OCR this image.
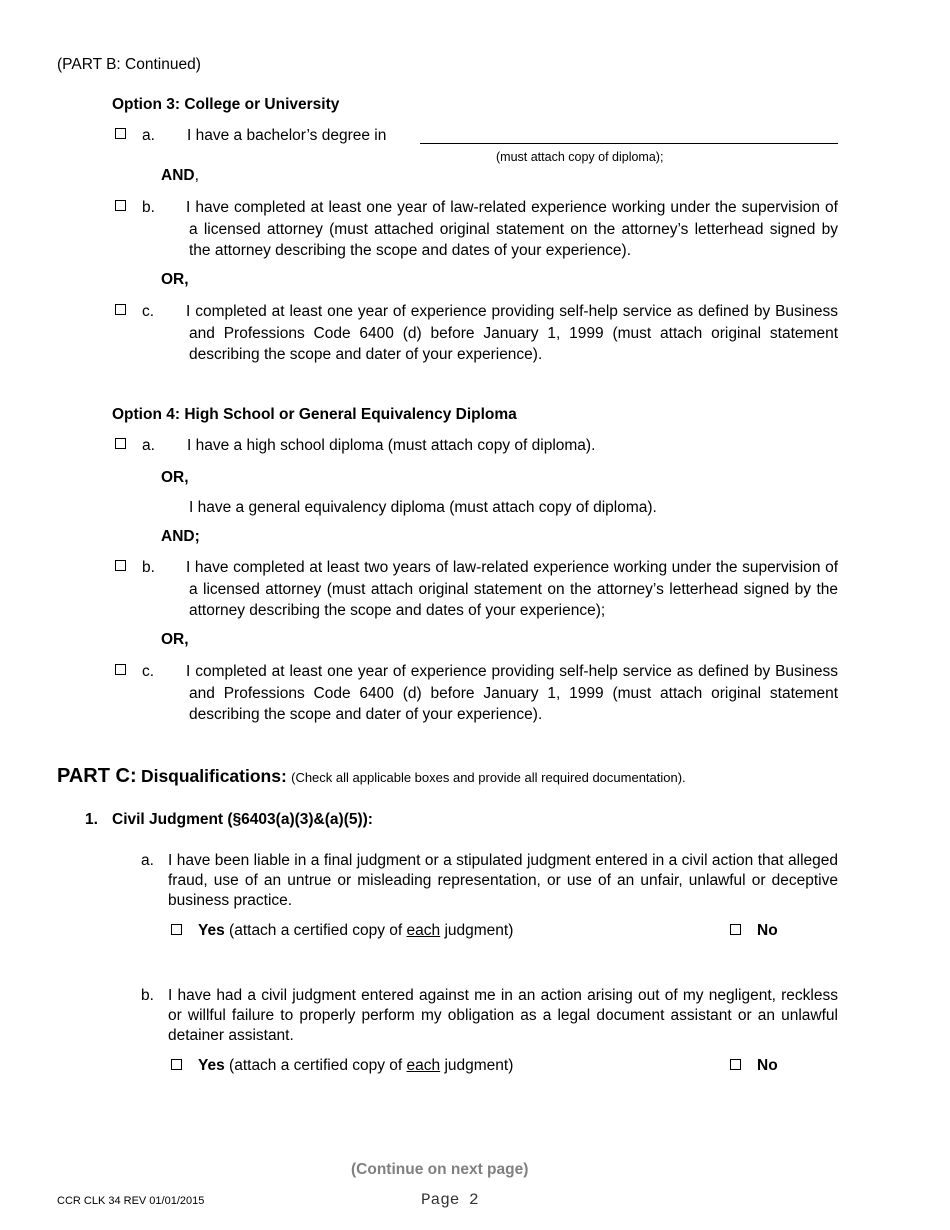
(PART B: Continued)
Option 3: College or University
a. I have a bachelor’s degree in
(must attach copy of diploma);
AND,
b. I have completed at least one year of law-related experience working under the supervision of a licensed attorney (must attached original statement on the attorney’s letterhead signed by the attorney describing the scope and dates of your experience).
OR,
c. I completed at least one year of experience providing self-help service as defined by Business and Professions Code 6400 (d) before January 1, 1999 (must attach original statement describing the scope and dater of your experience).
Option 4: High School or General Equivalency Diploma
a. I have a high school diploma (must attach copy of diploma).
OR,
I have a general equivalency diploma (must attach copy of diploma).
AND;
b. I have completed at least two years of law-related experience working under the supervision of a licensed attorney (must attach original statement on the attorney’s letterhead signed by the attorney describing the scope and dates of your experience);
OR,
c. I completed at least one year of experience providing self-help service as defined by Business and Professions Code 6400 (d) before January 1, 1999 (must attach original statement describing the scope and dater of your experience).
PART C: Disqualifications: (Check all applicable boxes and provide all required documentation).
1. Civil Judgment (§6403(a)(3)&(a)(5)):
a. I have been liable in a final judgment or a stipulated judgment entered in a civil action that alleged fraud, use of an untrue or misleading representation, or use of an unfair, unlawful or deceptive business practice.
Yes (attach a certified copy of each judgment)	No
b. I have had a civil judgment entered against me in an action arising out of my negligent, reckless or willful failure to properly perform my obligation as a legal document assistant or an unlawful detainer assistant.
Yes (attach a certified copy of each judgment)	No
(Continue on next page)
CCR CLK 34 REV 01/01/2015	Page 2
